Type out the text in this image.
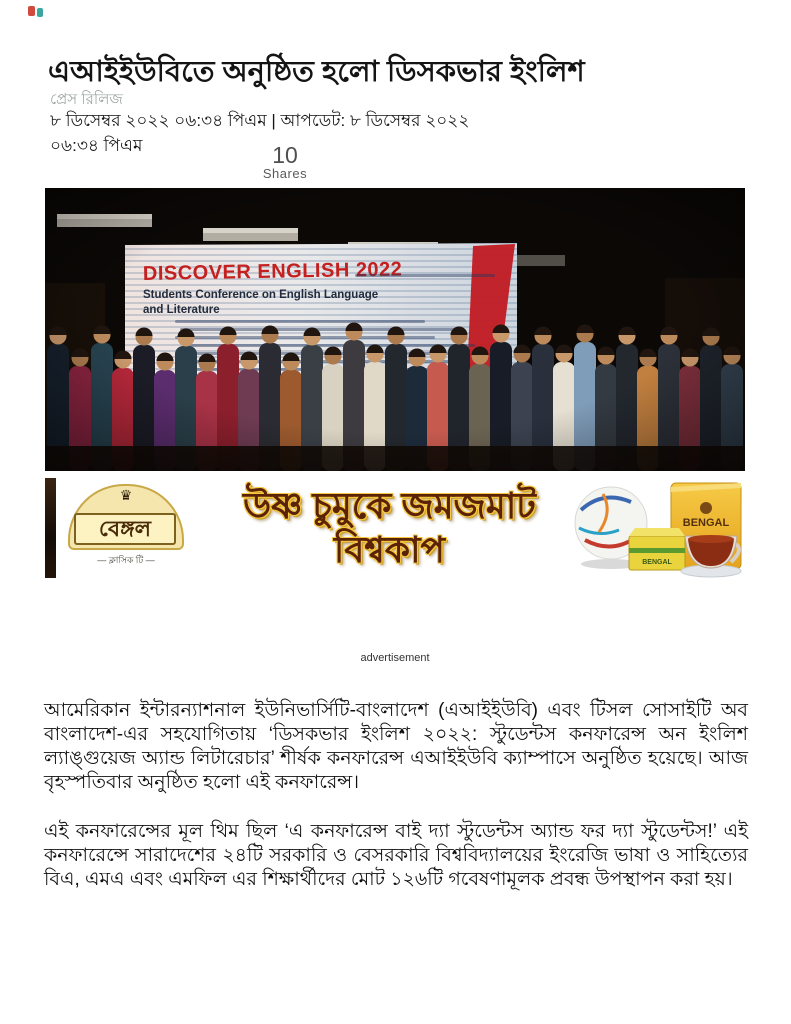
এআইইউবিতে অনুষ্ঠিত হলো ডিসকভার ইংলিশ
প্রেস রিলিজ
৮ ডিসেম্বর ২০২২ ০৬:৩৪ পিএম | আপডেট: ৮ ডিসেম্বর ২০২২
০৬:৩৪ পিএম	10
Shares
♛
বেঙ্গল
— ক্লাসিক টি —
উষ্ণ চুমুকে জমজমাট বিশ্বকাপ
BENGAL
BENGAL
advertisement

আমেরিকান ইন্টারন্যাশনাল ইউনিভার্সিটি-বাংলাদেশ (এআইইউবি) এবং টিসল সোসাইটি অব বাংলাদেশ-এর সহযোগিতায় ‘ডিসকভার ইংলিশ ২০২২: স্টুডেন্টস কনফারেন্স অন ইংলিশ ল্যাঙ্গুয়েজ অ্যান্ড লিটারেচার’ শীর্ষক কনফারেন্স এআইইউবি ক্যাম্পাসে অনুষ্ঠিত হয়েছে। আজ বৃহস্পতিবার অনুষ্ঠিত হলো এই কনফারেন্স।

এই কনফারেন্সের মূল থিম ছিল ‘এ কনফারেন্স বাই দ্যা স্টুডেন্টস অ্যান্ড ফর দ্যা স্টুডেন্টস!’ এই কনফারেন্সে সারাদেশের ২৪টি সরকারি ও বেসরকারি বিশ্ববিদ্যালয়ের ইংরেজি ভাষা ও সাহিত্যের বিএ, এমএ এবং এমফিল এর শিক্ষার্থীদের মোট ১২৬টি গবেষণামূলক প্রবন্ধ উপস্থাপন করা হয়।
